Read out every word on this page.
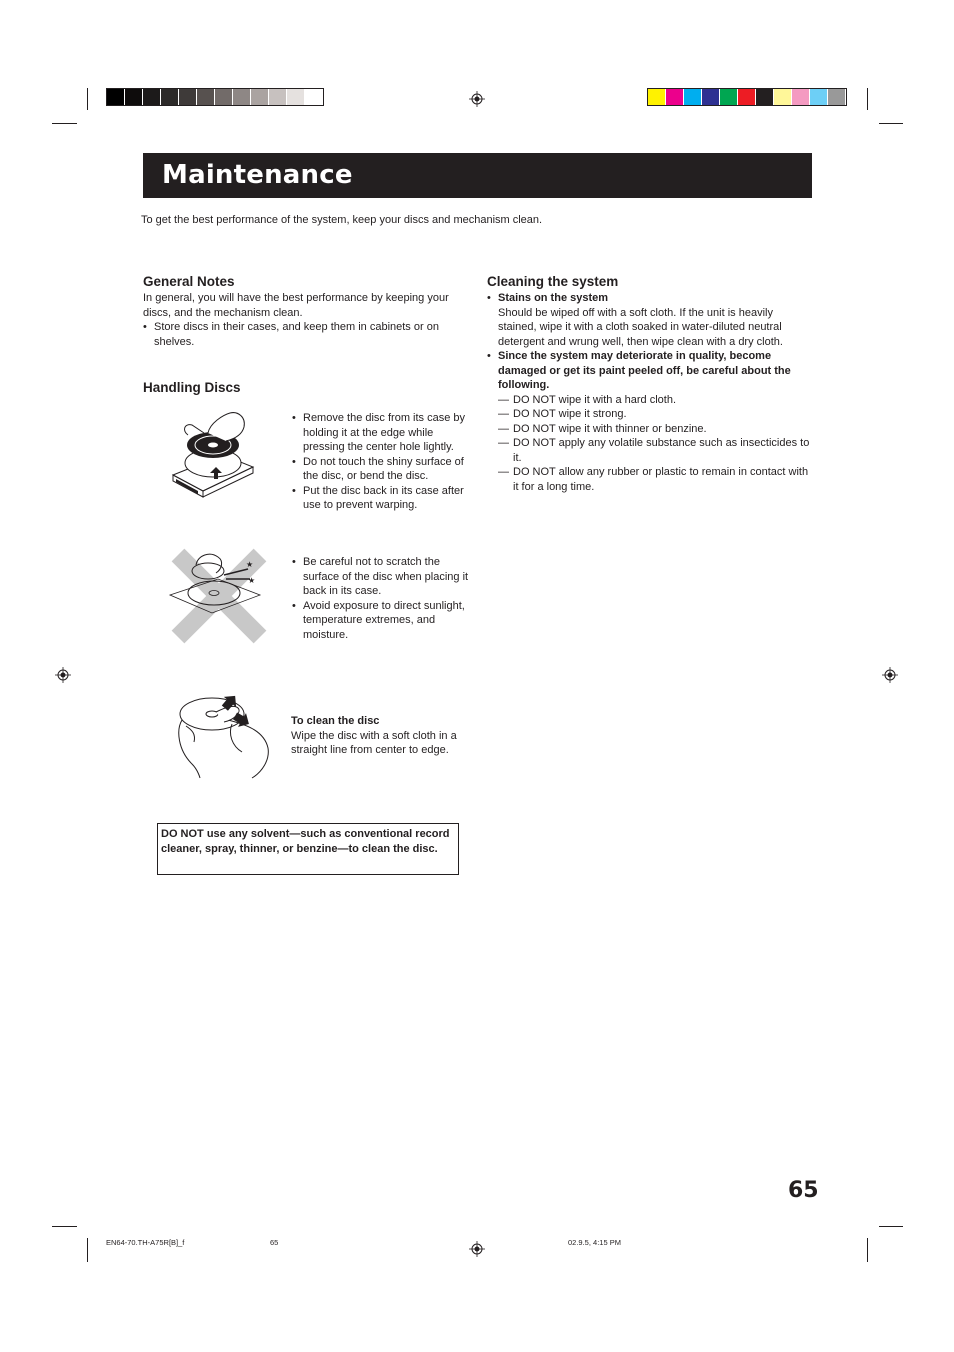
Maintenance
To get the best performance of the system, keep your discs and mechanism clean.
General Notes
In general, you will have the best performance by keeping your discs, and the mechanism clean.
• Store discs in their cases, and keep them in cabinets or on shelves.
Handling Discs
• Remove the disc from its case by holding it at the edge while pressing the center hole lightly.
• Do not touch the shiny surface of the disc, or bend the disc.
• Put the disc back in its case after use to prevent warping.
★
★
• Be careful not to scratch the surface of the disc when placing it back in its case.
• Avoid exposure to direct sunlight, temperature extremes, and moisture.
To clean the disc
Wipe the disc with a soft cloth in a straight line from center to edge.
DO NOT use any solvent—such as conventional record cleaner, spray, thinner, or benzine—to clean the disc.
Cleaning the system
• Stains on the system
Should be wiped off with a soft cloth. If the unit is heavily stained, wipe it with a cloth soaked in water-diluted neutral detergent and wrung well, then wipe clean with a dry cloth.
• Since the system may deteriorate in quality, become damaged or get its paint peeled off, be careful about the following.
— DO NOT wipe it with a hard cloth.
— DO NOT wipe it strong.
— DO NOT wipe it with thinner or benzine.
— DO NOT apply any volatile substance such as insecticides to it.
— DO NOT allow any rubber or plastic to remain in contact with it for a long time.
65
EN64-70.TH-A75R[B]_f	65	02.9.5, 4:15 PM
